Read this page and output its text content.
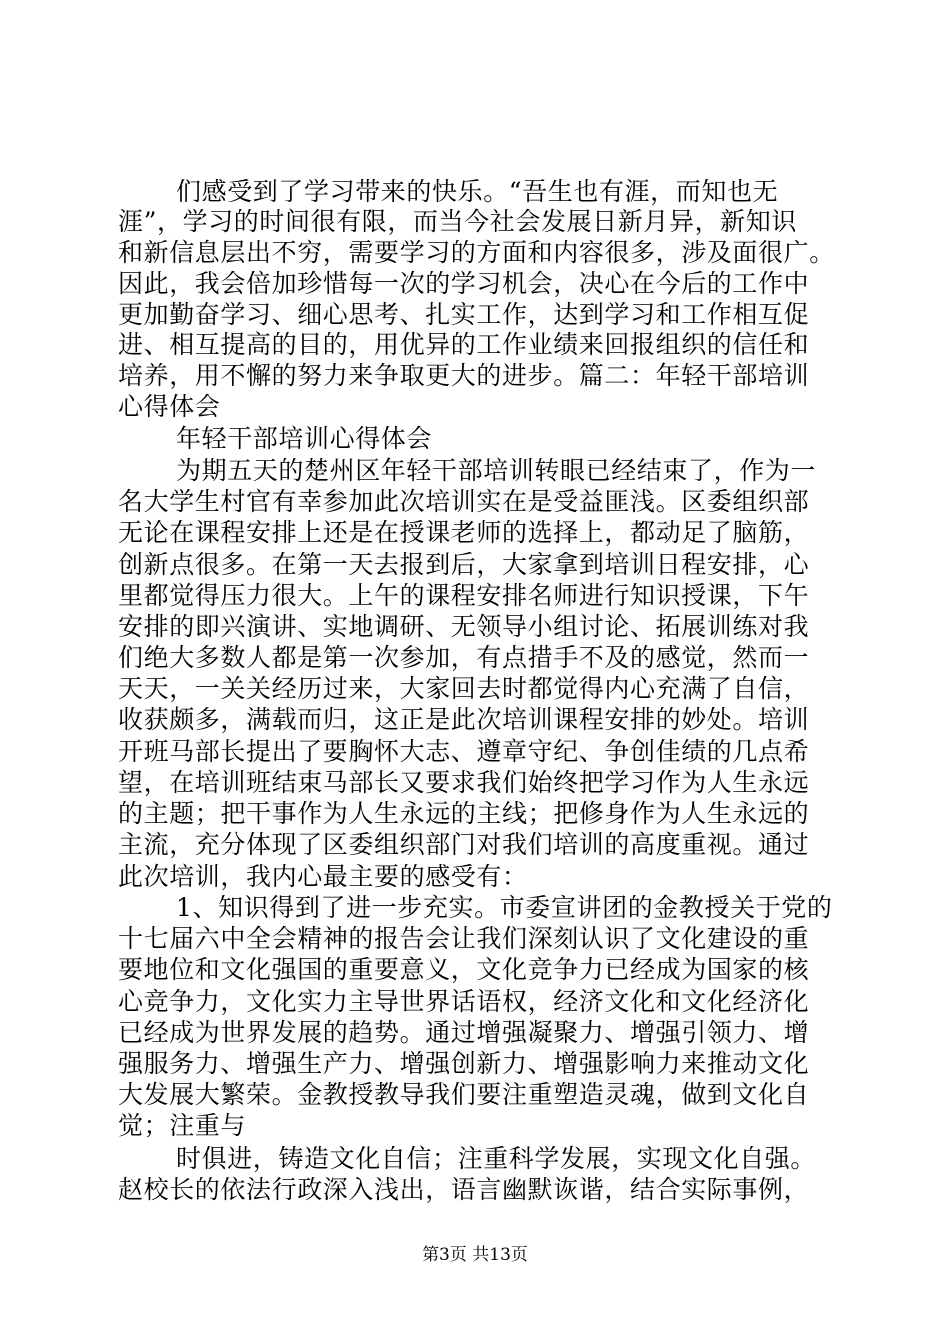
们感受到了学习带来的快乐。“吾生也有涯，而知也无
涯”，学习的时间很有限，而当今社会发展日新月异，新知识
和新信息层出不穷，需要学习的方面和内容很多，涉及面很广。
因此，我会倍加珍惜每一次的学习机会，决心在今后的工作中
更加勤奋学习、细心思考、扎实工作，达到学习和工作相互促
进、相互提高的目的，用优异的工作业绩来回报组织的信任和
培养，用不懈的努力来争取更大的进步。篇二：年轻干部培训
心得体会
年轻干部培训心得体会
为期五天的楚州区年轻干部培训转眼已经结束了，作为一
名大学生村官有幸参加此次培训实在是受益匪浅。区委组织部
无论在课程安排上还是在授课老师的选择上，都动足了脑筋，
创新点很多。在第一天去报到后，大家拿到培训日程安排，心
里都觉得压力很大。上午的课程安排名师进行知识授课，下午
安排的即兴演讲、实地调研、无领导小组讨论、拓展训练对我
们绝大多数人都是第一次参加，有点措手不及的感觉，然而一
天天，一关关经历过来，大家回去时都觉得内心充满了自信，
收获颇多，满载而归，这正是此次培训课程安排的妙处。培训
开班马部长提出了要胸怀大志、遵章守纪、争创佳绩的几点希
望，在培训班结束马部长又要求我们始终把学习作为人生永远
的主题；把干事作为人生永远的主线；把修身作为人生永远的
主流，充分体现了区委组织部门对我们培训的高度重视。通过
此次培训，我内心最主要的感受有：
1、知识得到了进一步充实。市委宣讲团的金教授关于党的
十七届六中全会精神的报告会让我们深刻认识了文化建设的重
要地位和文化强国的重要意义，文化竞争力已经成为国家的核
心竞争力，文化实力主导世界话语权，经济文化和文化经济化
已经成为世界发展的趋势。通过增强凝聚力、增强引领力、增
强服务力、增强生产力、增强创新力、增强影响力来推动文化
大发展大繁荣。金教授教导我们要注重塑造灵魂，做到文化自
觉；注重与
时俱进，铸造文化自信；注重科学发展，实现文化自强。
赵校长的依法行政深入浅出，语言幽默诙谐，结合实际事例，
第3页 共13页
